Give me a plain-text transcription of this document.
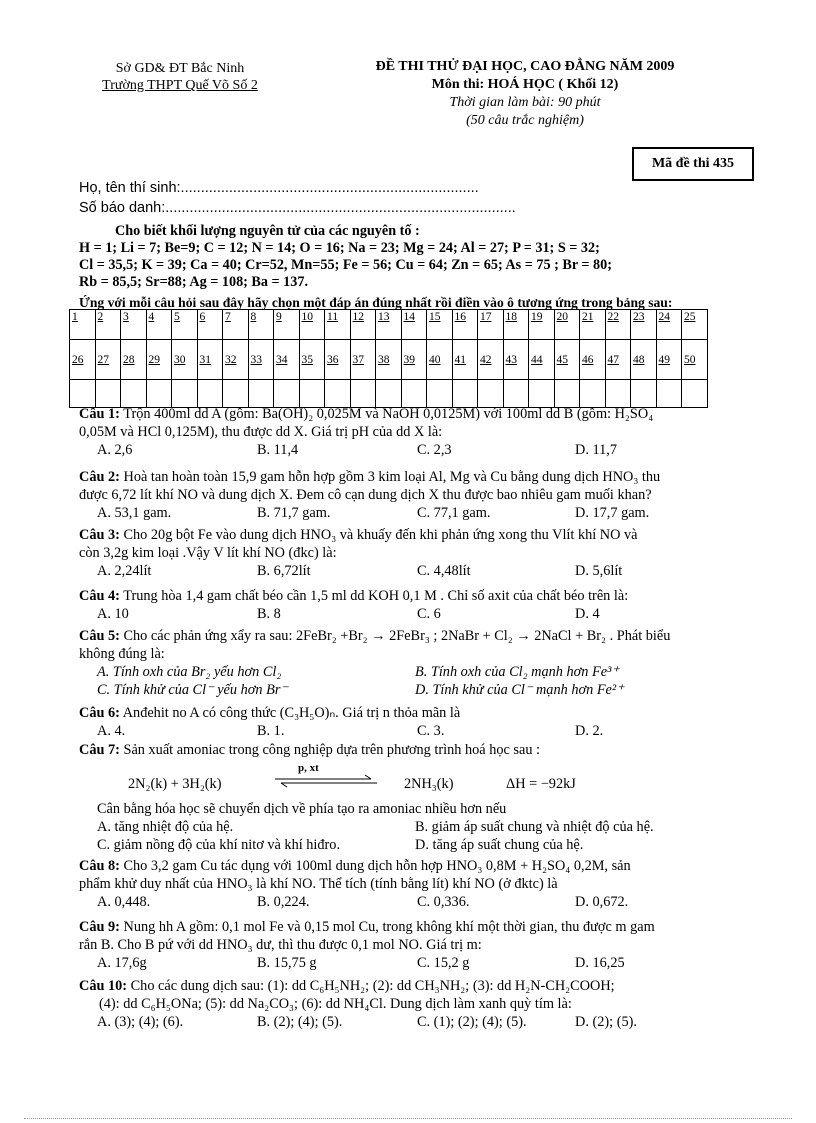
Sở GD& ĐT Bắc Ninh
Trường THPT Quế Võ Số 2
ĐỀ THI THỬ ĐẠI HỌC, CAO ĐẲNG NĂM 2009
Môn thi: HOÁ HỌC ( Khối 12)
Thời gian làm bài: 90 phút
(50 câu trắc nghiệm)
Mã đề thi 435
Họ, tên thí sinh:..........................................................................
Số báo danh:.......................................................................................
Cho biết khối lượng nguyên tử của các nguyên tố :
H = 1; Li = 7; Be=9; C = 12; N = 14; O = 16; Na = 23; Mg = 24; Al = 27; P = 31; S = 32;
Cl = 35,5; K = 39; Ca = 40; Cr=52, Mn=55; Fe = 56; Cu = 64; Zn = 65; As = 75 ; Br = 80;
Rb = 85,5; Sr=88; Ag = 108; Ba = 137.
Ứng với mỗi câu hỏi sau đây hãy chọn một đáp án đúng nhất rồi điền vào ô tương ứng trong bảng sau:
1	2	3	4	5	6	7	8	9	10	11	12	13	14	15	16	17	18	19	20	21	22	23	24	25
26	27	28	29	30	31	32	33	34	35	36	37	38	39	40	41	42	43	44	45	46	47	48	49	50

Câu 1: Trộn 400ml dd A (gồm: Ba(OH)₂ 0,025M và NaOH 0,0125M) với 100ml dd B (gồm: H₂SO₄
0,05M và HCl 0,125M), thu được dd X. Giá trị pH của dd X là:
A. 2,6	B. 11,4	C. 2,3	D. 11,7
Câu 2: Hoà tan hoàn toàn 15,9 gam hỗn hợp gồm 3 kim loại Al, Mg và Cu bằng dung dịch HNO₃ thu
được 6,72 lít khí NO và dung dịch X. Đem cô cạn dung dịch X thu được bao nhiêu gam muối khan?
A. 53,1 gam.	B. 71,7 gam.	C. 77,1 gam.	D. 17,7 gam.
Câu 3: Cho 20g bột Fe vào dung dịch HNO₃ và khuấy đến khi phản ứng xong thu Vlít khí NO và
còn 3,2g kim loại .Vậy V lít khí NO (đkc) là:
A. 2,24lít	B. 6,72lít	C. 4,48lít	D. 5,6lít
Câu 4: Trung hòa 1,4 gam chất béo cần 1,5 ml dd KOH 0,1 M . Chỉ số axit của chất béo trên là:
A. 10	B. 8	C. 6	D. 4
Câu 5: Cho các phản ứng xẩy ra sau: 2FeBr₂ +Br₂ → 2FeBr₃ ; 2NaBr + Cl₂ → 2NaCl + Br₂ . Phát biểu
không đúng là:
A. Tính oxh của Br₂ yếu hơn Cl₂	B. Tính oxh của Cl₂ mạnh hơn Fe³⁺
C. Tính khử của Cl⁻ yếu hơn Br⁻	D. Tính khử của Cl⁻ mạnh hơn Fe²⁺
Câu 6: Anđehit no A có công thức (C₃H₅O)ₙ. Giá trị n thỏa mãn là
A. 4.	B. 1.	C. 3.	D. 2.
Câu 7: Sản xuất amoniac trong công nghiệp dựa trên phương trình hoá học sau :
2N₂(k) + 3H₂(k)
p, xt
2NH₃(k)	ΔH = −92kJ
Cân bằng hóa học sẽ chuyển dịch về phía tạo ra amoniac nhiều hơn nếu
A. tăng nhiệt độ của hệ.	B. giảm áp suất chung và nhiệt độ của hệ.
C. giảm nồng độ của khí nitơ và khí hiđro.	D. tăng áp suất chung của hệ.
Câu 8: Cho 3,2 gam Cu tác dụng với 100ml dung dịch hỗn hợp HNO₃ 0,8M + H₂SO₄ 0,2M, sản
phẩm khử duy nhất của HNO₃ là khí NO. Thể tích (tính bằng lít) khí NO (ở đktc) là
A. 0,448.	B. 0,224.	C. 0,336.	D. 0,672.
Câu 9: Nung hh A gồm: 0,1 mol Fe và 0,15 mol Cu, trong không khí một thời gian, thu được m gam
rắn B. Cho B pứ với dd HNO₃ dư, thì thu được 0,1 mol NO. Giá trị m:
A. 17,6g	B. 15,75 g	C. 15,2 g	D. 16,25
Câu 10: Cho các dung dịch sau: (1): dd C₆H₅NH₂; (2): dd CH₃NH₂; (3): dd H₂N-CH₂COOH;
(4): dd C₆H₅ONa; (5): dd Na₂CO₃; (6): dd NH₄Cl. Dung dịch làm xanh quỳ tím là:
A. (3); (4); (6).	B. (2); (4); (5).	C. (1); (2); (4); (5).	D. (2); (5).
